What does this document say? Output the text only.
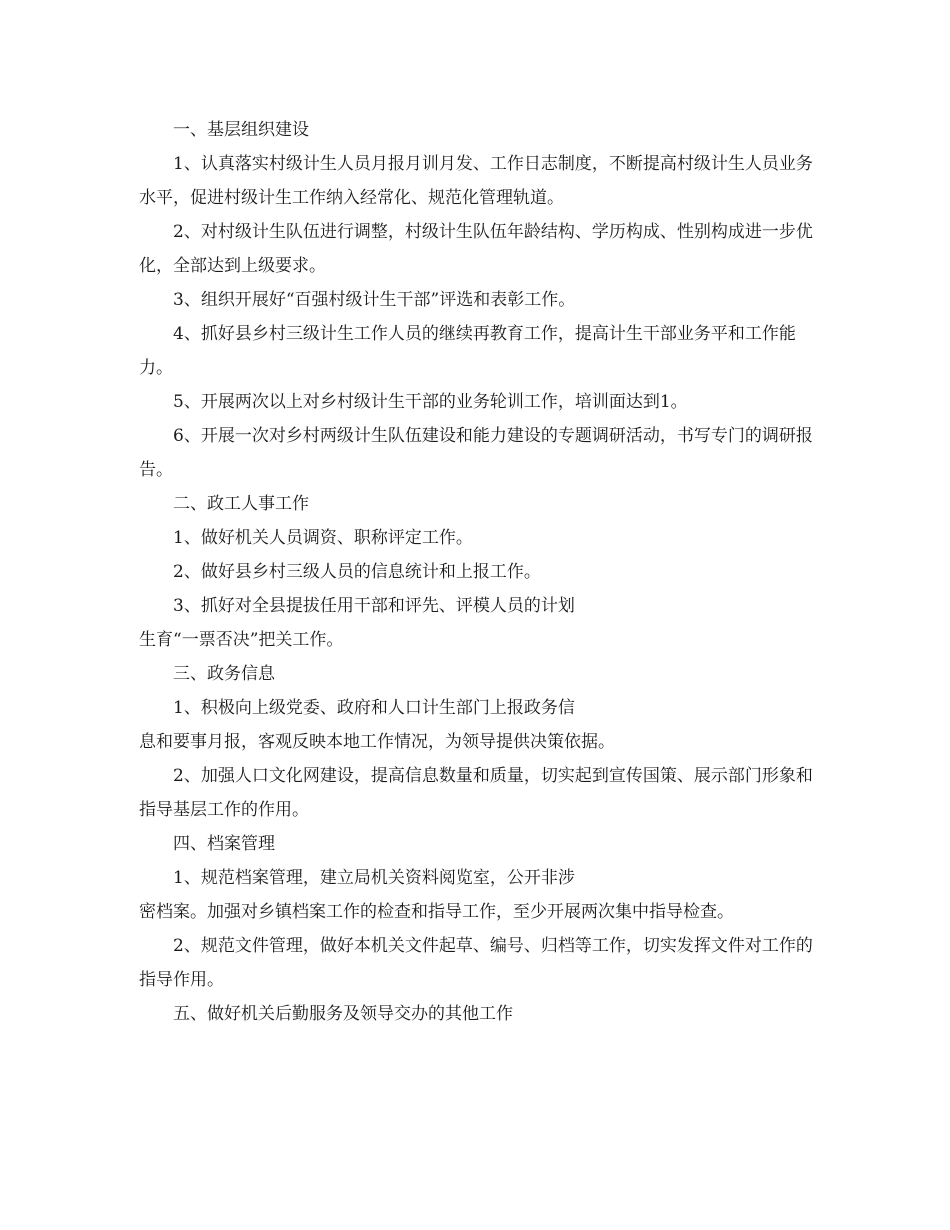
一、基层组织建设

1、认真落实村级计生人员月报月训月发、工作日志制度，不断提高村级计生人员业务水平，促进村级计生工作纳入经常化、规范化管理轨道。

2、对村级计生队伍进行调整，村级计生队伍年龄结构、学历构成、性别构成进一步优化，全部达到上级要求。

3、组织开展好“百强村级计生干部”评选和表彰工作。

4、抓好县乡村三级计生工作人员的继续再教育工作，提高计生干部业务平和工作能力。

5、开展两次以上对乡村级计生干部的业务轮训工作，培训面达到1。

6、开展一次对乡村两级计生队伍建设和能力建设的专题调研活动，书写专门的调研报告。

二、政工人事工作

1、做好机关人员调资、职称评定工作。

2、做好县乡村三级人员的信息统计和上报工作。

3、抓好对全县提拔任用干部和评先、评模人员的计划

生育“一票否决”把关工作。

三、政务信息

1、积极向上级党委、政府和人口计生部门上报政务信

息和要事月报，客观反映本地工作情况，为领导提供决策依据。

2、加强人口文化网建设，提高信息数量和质量，切实起到宣传国策、展示部门形象和指导基层工作的作用。

四、档案管理

1、规范档案管理，建立局机关资料阅览室，公开非涉

密档案。加强对乡镇档案工作的检查和指导工作，至少开展两次集中指导检查。

2、规范文件管理，做好本机关文件起草、编号、归档等工作，切实发挥文件对工作的指导作用。

五、做好机关后勤服务及领导交办的其他工作
